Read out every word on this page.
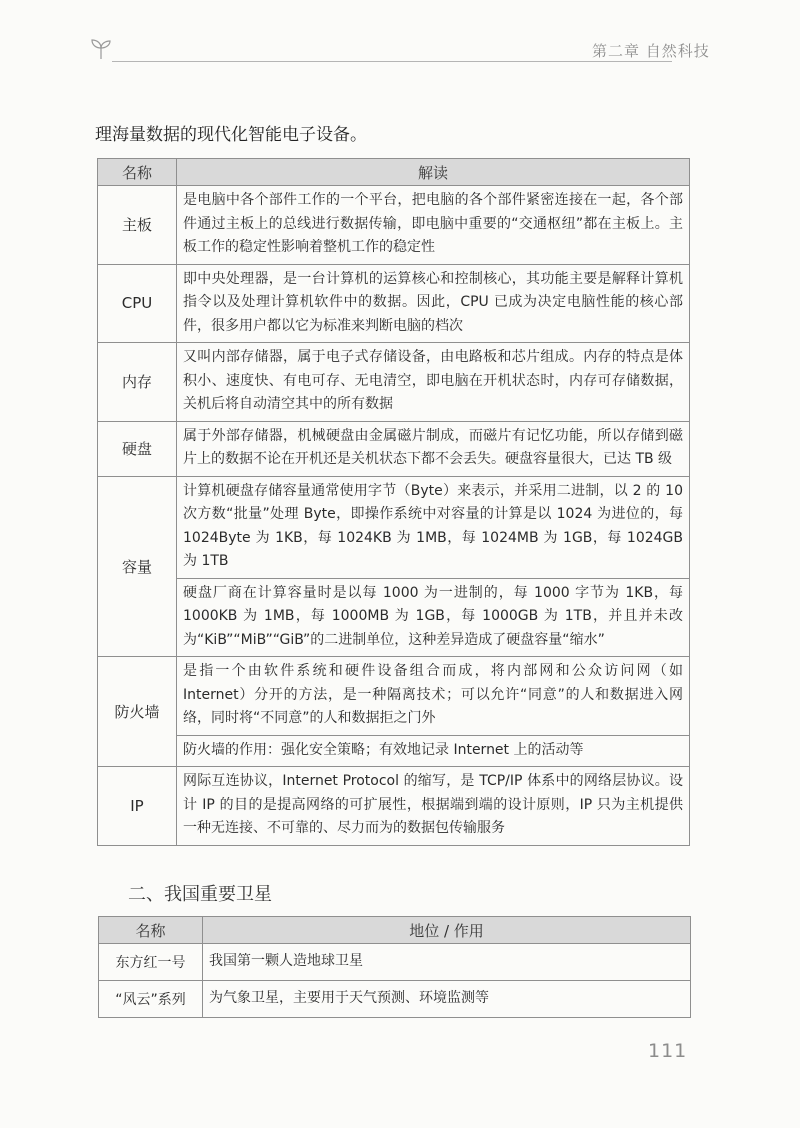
第二章 自然科技
理海量数据的现代化智能电子设备。
名称	解读
主板	是电脑中各个部件工作的一个平台，把电脑的各个部件紧密连接在一起，各个部件通过主板上的总线进行数据传输，即电脑中重要的“交通枢纽”都在主板上。主板工作的稳定性影响着整机工作的稳定性
CPU	即中央处理器，是一台计算机的运算核心和控制核心，其功能主要是解释计算机指令以及处理计算机软件中的数据。因此，CPU 已成为决定电脑性能的核心部件，很多用户都以它为标准来判断电脑的档次
内存	又叫内部存储器，属于电子式存储设备，由电路板和芯片组成。内存的特点是体积小、速度快、有电可存、无电清空，即电脑在开机状态时，内存可存储数据，关机后将自动清空其中的所有数据
硬盘	属于外部存储器，机械硬盘由金属磁片制成，而磁片有记忆功能，所以存储到磁片上的数据不论在开机还是关机状态下都不会丢失。硬盘容量很大，已达 TB 级
容量	计算机硬盘存储容量通常使用字节（Byte）来表示，并采用二进制，以 2 的 10 次方数“批量”处理 Byte，即操作系统中对容量的计算是以 1024 为进位的，每 1024Byte 为 1KB，每 1024KB 为 1MB，每 1024MB 为 1GB，每 1024GB 为 1TB
	硬盘厂商在计算容量时是以每 1000 为一进制的，每 1000 字节为 1KB，每 1000KB 为 1MB，每 1000MB 为 1GB，每 1000GB 为 1TB，并且并未改为“KiB”“MiB”“GiB”的二进制单位，这种差异造成了硬盘容量“缩水”
防火墙	是指一个由软件系统和硬件设备组合而成，将内部网和公众访问网（如 Internet）分开的方法，是一种隔离技术；可以允许“同意”的人和数据进入网络，同时将“不同意”的人和数据拒之门外
	防火墙的作用：强化安全策略；有效地记录 Internet 上的活动等
IP	网际互连协议，Internet Protocol 的缩写，是 TCP/IP 体系中的网络层协议。设计 IP 的目的是提高网络的可扩展性，根据端到端的设计原则，IP 只为主机提供一种无连接、不可靠的、尽力而为的数据包传输服务
二、我国重要卫星
名称	地位 / 作用
东方红一号	我国第一颗人造地球卫星
“风云”系列	为气象卫星，主要用于天气预测、环境监测等
111
